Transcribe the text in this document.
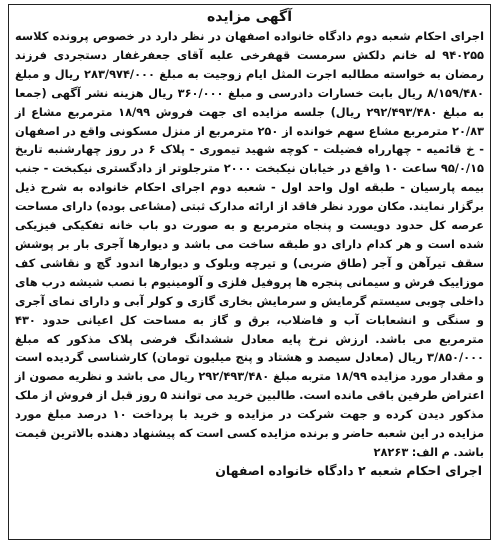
آگهی مزایده

اجرای احکام شعبه دوم دادگاه خانواده اصفهان در نظر دارد در خصوص پرونده کلاسه ۹۴۰۲۵۵ له خانم دلکش سرمست قهفرخی علیه آقای جعفرغفار دستجردی فرزند رمضان به خواسته مطالبه اجرت المثل ایام زوجیت به مبلغ ۲۸۳/۹۷۴/۰۰۰ ریال و مبلغ ۸/۱۵۹/۴۸۰ ریال بابت خسارات دادرسی و مبلغ ۳۶۰/۰۰۰ ریال هزینه نشر آگهی (جمعا به مبلغ ۲۹۲/۴۹۳/۴۸۰ ریال) جلسه مزایده ای جهت فروش ۱۸/۹۹ مترمربع مشاع از ۲۰/۸۳ مترمربع مشاع سهم خوانده از ۲۵۰ مترمربع از منزل مسکونی واقع در اصفهان - خ قائمیه - چهارراه فضیلت - کوچه شهید تیموری - پلاک ۶ در روز چهارشنبه تاریخ ۹۵/۰/۱۵ ساعت ۱۰ واقع در خیابان نیکبخت ۲۰۰۰ مترجلوتر از دادگستری نیکبخت - جنب بیمه پارسیان - طبقه اول واحد اول - شعبه دوم اجرای احکام خانواده به شرح ذیل برگزار نمایند. مکان مورد نظر فاقد از ارائه مدارک ثبتی (مشاعی بوده) دارای مساحت عرصه کل حدود دویست و پنجاه مترمربع و به صورت دو باب خانه تفکیکی فیزیکی شده است و هر کدام دارای دو طبقه ساخت می باشد و دیوارها آجری بار بر پوشش سقف تیرآهن و آجر (طاق ضربی) و تیرچه وبلوک و دیوارها اندود گچ و نقاشی کف موزاییک فرش و سیمانی پنجره ها پروفیل فلزی و آلومینیوم با نصب شیشه درب های داخلی چوبی سیستم گرمایش و سرمایش بخاری گازی و کولر آبی و دارای نمای آجری و سنگی و انشعابات آب و فاضلاب، برق و گاز به مساحت کل اعیانی حدود ۴۳۰ مترمربع می باشد. ارزش نرخ پایه معادل ششدانگ فرضی پلاک مذکور که مبلغ ۳/۸۵۰/۰۰۰ ریال (معادل سیصد و هشتاد و پنج میلیون تومان) کارشناسی گردیده است و مقدار مورد مزایده ۱۸/۹۹ متربه مبلغ ۲۹۲/۴۹۳/۴۸۰ ریال می باشد و نظریه مصون از اعتراض طرفین باقی مانده است. طالبین خرید می توانند ۵ روز قبل از فروش از ملک مذکور دیدن کرده و جهت شرکت در مزایده و خرید با پرداخت ۱۰ درصد مبلغ مورد مزایده در این شعبه حاضر و برنده مزایده کسی است که پیشنهاد دهنده بالاترین قیمت باشد. م الف: ۲۸۲۶۳

اجرای احکام شعبه ۲ دادگاه خانواده اصفهان
